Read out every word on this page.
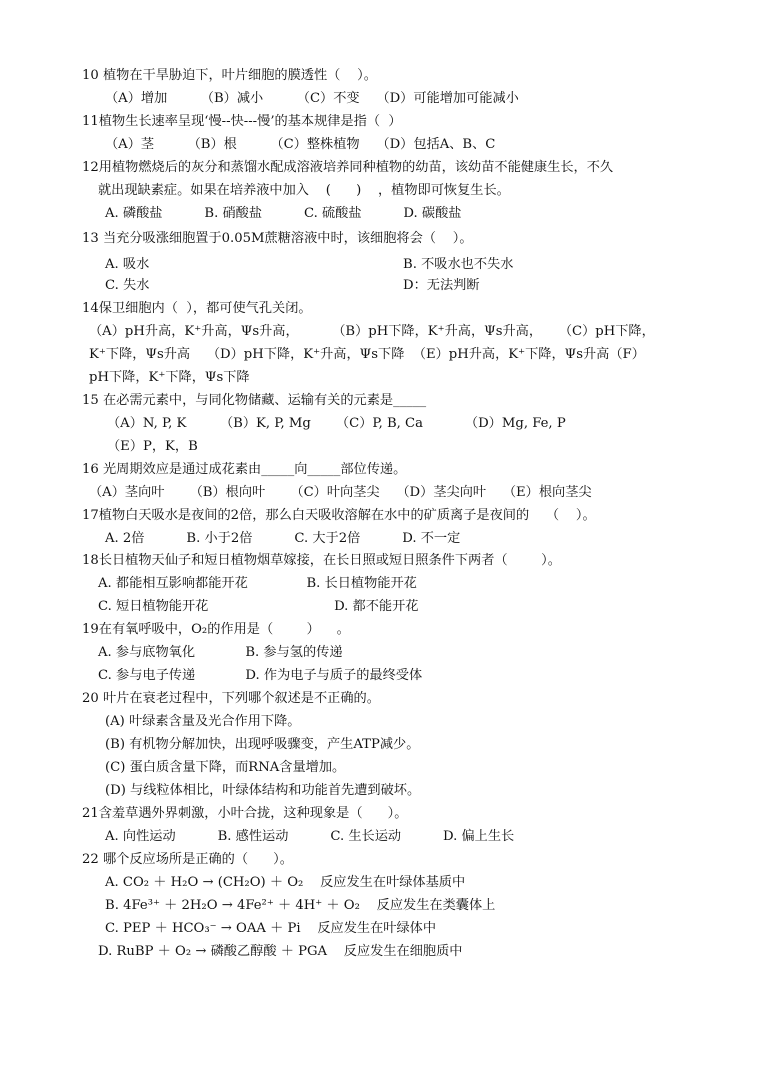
10 植物在干旱胁迫下，叶片细胞的膜透性（    ）。
（A）增加        （B）减小        （C）不变    （D）可能增加可能减小
11植物生长速率呈现‘慢--快---慢’的基本规律是指（  ）
（A）茎        （B）根        （C）整株植物    （D）包括A、B、C
12用植物燃烧后的灰分和蒸馏水配成溶液培养同种植物的幼苗，该幼苗不能健康生长，不久
就出现缺素症。如果在培养液中加入    (      )    ，植物即可恢复生长。
A. 磷酸盐          B. 硝酸盐          C. 硫酸盐          D. 碳酸盐
13 当充分吸涨细胞置于0.05M蔗糖溶液中时，该细胞将会（    ）。
A. 吸水	B. 不吸水也不失水
C. 失水	D：无法判断
14保卫细胞内（  ），都可使气孔关闭。
（A）pH升高，K⁺升高，Ψs升高，        （B）pH下降，K⁺升高，Ψs升高，    （C）pH下降，
K⁺下降，Ψs升高    （D）pH下降，K⁺升高，Ψs下降  （E）pH升高，K⁺下降，Ψs升高（F）
pH下降，K⁺下降，Ψs下降
15 在必需元素中，与同化物储藏、运输有关的元素是_____
（A）N, P, K        （B）K, P, Mg      （C）P, B, Ca          （D）Mg, Fe, P
（E）P，K，B
16 光周期效应是通过成花素由_____向_____部位传递。
（A）茎向叶      （B）根向叶      （C）叶向茎尖    （D）茎尖向叶    （E）根向茎尖
17植物白天吸水是夜间的2倍，那么白天吸收溶解在水中的矿质离子是夜间的    （    ）。
A. 2倍          B. 小于2倍          C. 大于2倍          D. 不一定
18长日植物天仙子和短日植物烟草嫁接，在长日照或短日照条件下两者（        ）。
A. 都能相互影响都能开花              B. 长日植物能开花
C. 短日植物能开花                              D. 都不能开花
19在有氧呼吸中，O₂的作用是（        ）    。
A. 参与底物氧化            B. 参与氢的传递
C. 参与电子传递            D. 作为电子与质子的最终受体
20 叶片在衰老过程中，下列哪个叙述是不正确的。
(A) 叶绿素含量及光合作用下降。
(B) 有机物分解加快，出现呼吸骤变，产生ATP减少。
(C) 蛋白质含量下降，而RNA含量增加。
(D) 与线粒体相比，叶绿体结构和功能首先遭到破坏。
21含羞草遇外界刺激，小叶合拢，这种现象是（      ）。
A. 向性运动          B. 感性运动          C. 生长运动          D. 偏上生长
22 哪个反应场所是正确的（      ）。
A. CO₂ ＋ H₂O → (CH₂O) ＋ O₂    反应发生在叶绿体基质中
B. 4Fe³⁺ ＋ 2H₂O → 4Fe²⁺ ＋ 4H⁺ ＋ O₂    反应发生在类囊体上
C. PEP ＋ HCO₃⁻ → OAA ＋ Pi    反应发生在叶绿体中
D. RuBP ＋ O₂ → 磷酸乙醇酸 ＋ PGA    反应发生在细胞质中
